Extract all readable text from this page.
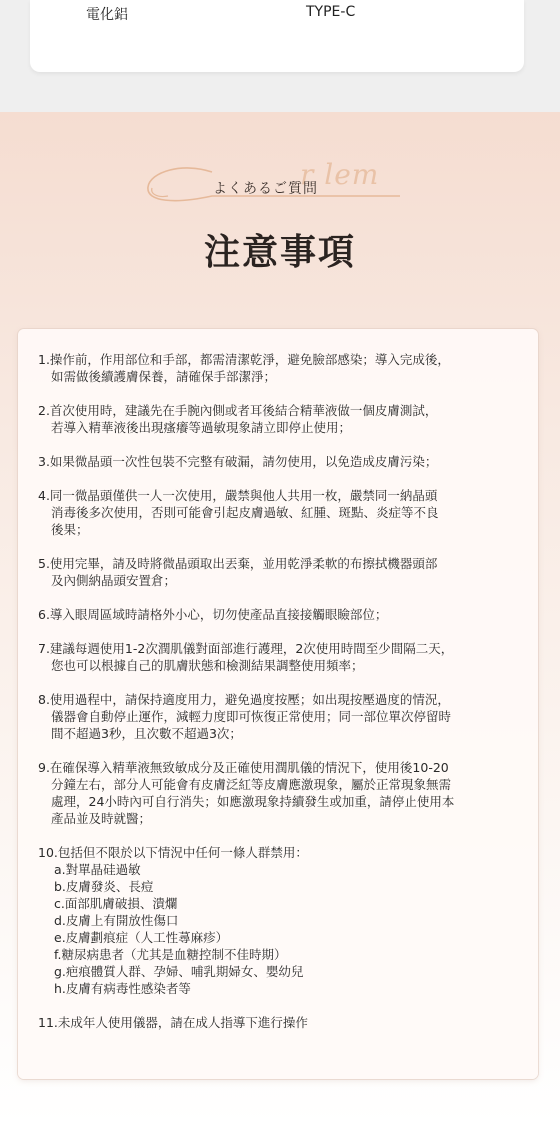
電化鋁	TYPE-C
r lem
よくあるご質問
注意事項
1.操作前，作用部位和手部，都需清潔乾淨，避免臉部感染；導入完成後，
如需做後續護膚保養，請確保手部潔淨；
2.首次使用時，建議先在手腕內側或者耳後結合精華液做一個皮膚測試，
若導入精華液後出現瘙癢等過敏現象請立即停止使用；
3.如果微晶頭一次性包裝不完整有破漏，請勿使用，以免造成皮膚污染；
4.同一微晶頭僅供一人一次使用，嚴禁與他人共用一枚，嚴禁同一納晶頭
消毒後多次使用，否則可能會引起皮膚過敏、紅腫、斑點、炎症等不良
後果；
5.使用完畢，請及時將微晶頭取出丟棄，並用乾淨柔軟的布擦拭機器頭部
及內側納晶頭安置倉；
6.導入眼周區域時請格外小心，切勿使產品直接接觸眼瞼部位；
7.建議每週使用1-2次潤肌儀對面部進行護理，2次使用時間至少間隔二天，
您也可以根據自己的肌膚狀態和檢測結果調整使用頻率；
8.使用過程中，請保持適度用力，避免過度按壓；如出現按壓過度的情況，
儀器會自動停止運作，減輕力度即可恢復正常使用；同一部位單次停留時
間不超過3秒，且次數不超過3次；
9.在確保導入精華液無致敏成分及正確使用潤肌儀的情況下，使用後10-20
分鐘左右，部分人可能會有皮膚泛紅等皮膚應激現象，屬於正常現象無需
處理，24小時內可自行消失；如應激現象持續發生或加重，請停止使用本
產品並及時就醫；
10.包括但不限於以下情況中任何一條人群禁用：
a.對單晶硅過敏
b.皮膚發炎、長痘
c.面部肌膚破損、潰爛
d.皮膚上有開放性傷口
e.皮膚劃痕症（人工性蕁麻疹）
f.糖尿病患者（尤其是血糖控制不佳時期）
g.疤痕體質人群、孕婦、哺乳期婦女、嬰幼兒
h.皮膚有病毒性感染者等
11.未成年人使用儀器，請在成人指導下進行操作
